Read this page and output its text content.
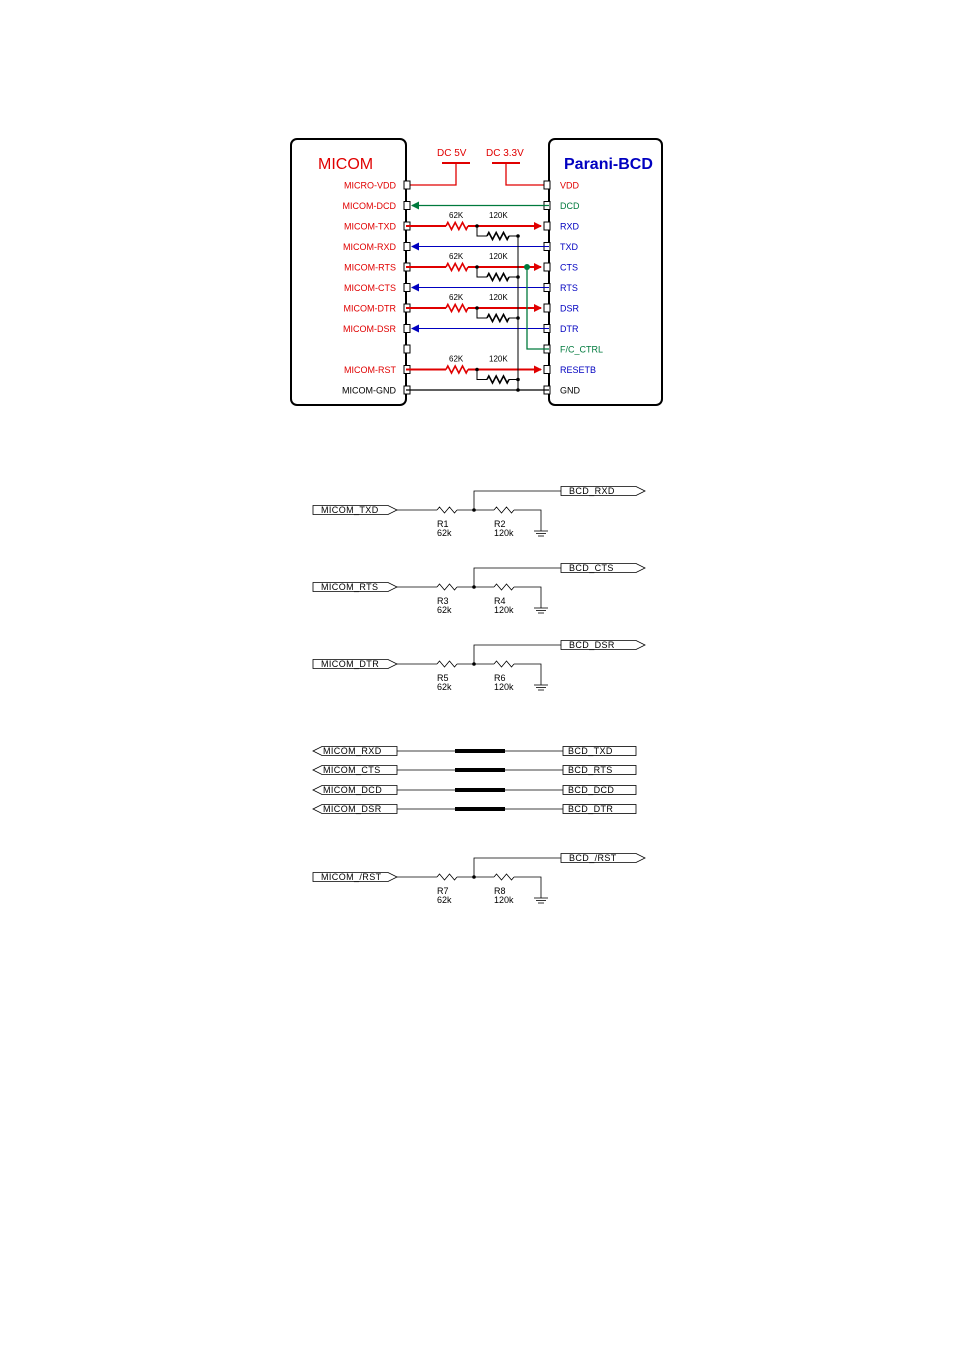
MICOM	Parani-BCD
DC 5V DC 3.3V
MICRO-VDD
MICOM-DCD
MICOM-TXD
MICOM-RXD
MICOM-RTS
MICOM-CTS
MICOM-DTR
MICOM-DSR
MICOM-RST
MICOM-GND
VDD
DCD
RXD
TXD
CTS
RTS
DSR
DTR
F/C_CTRL
RESETB
GND
62K	120K
62K	120K
62K	120K
62K	120K
MICOM_TXD
BCD_RXD
R1
62k
R2
120k
MICOM_RTS
BCD_CTS
R3
62k
R4
120k
MICOM_DTR
BCD_DSR
R5
62k
R6
120k
MICOM_RXD	BCD_TXD
MICOM_CTS	BCD_RTS
MICOM_DCD	BCD_DCD
MICOM_DSR	BCD_DTR
MICOM_/RST
BCD_/RST
R7
62k
R8
120k
